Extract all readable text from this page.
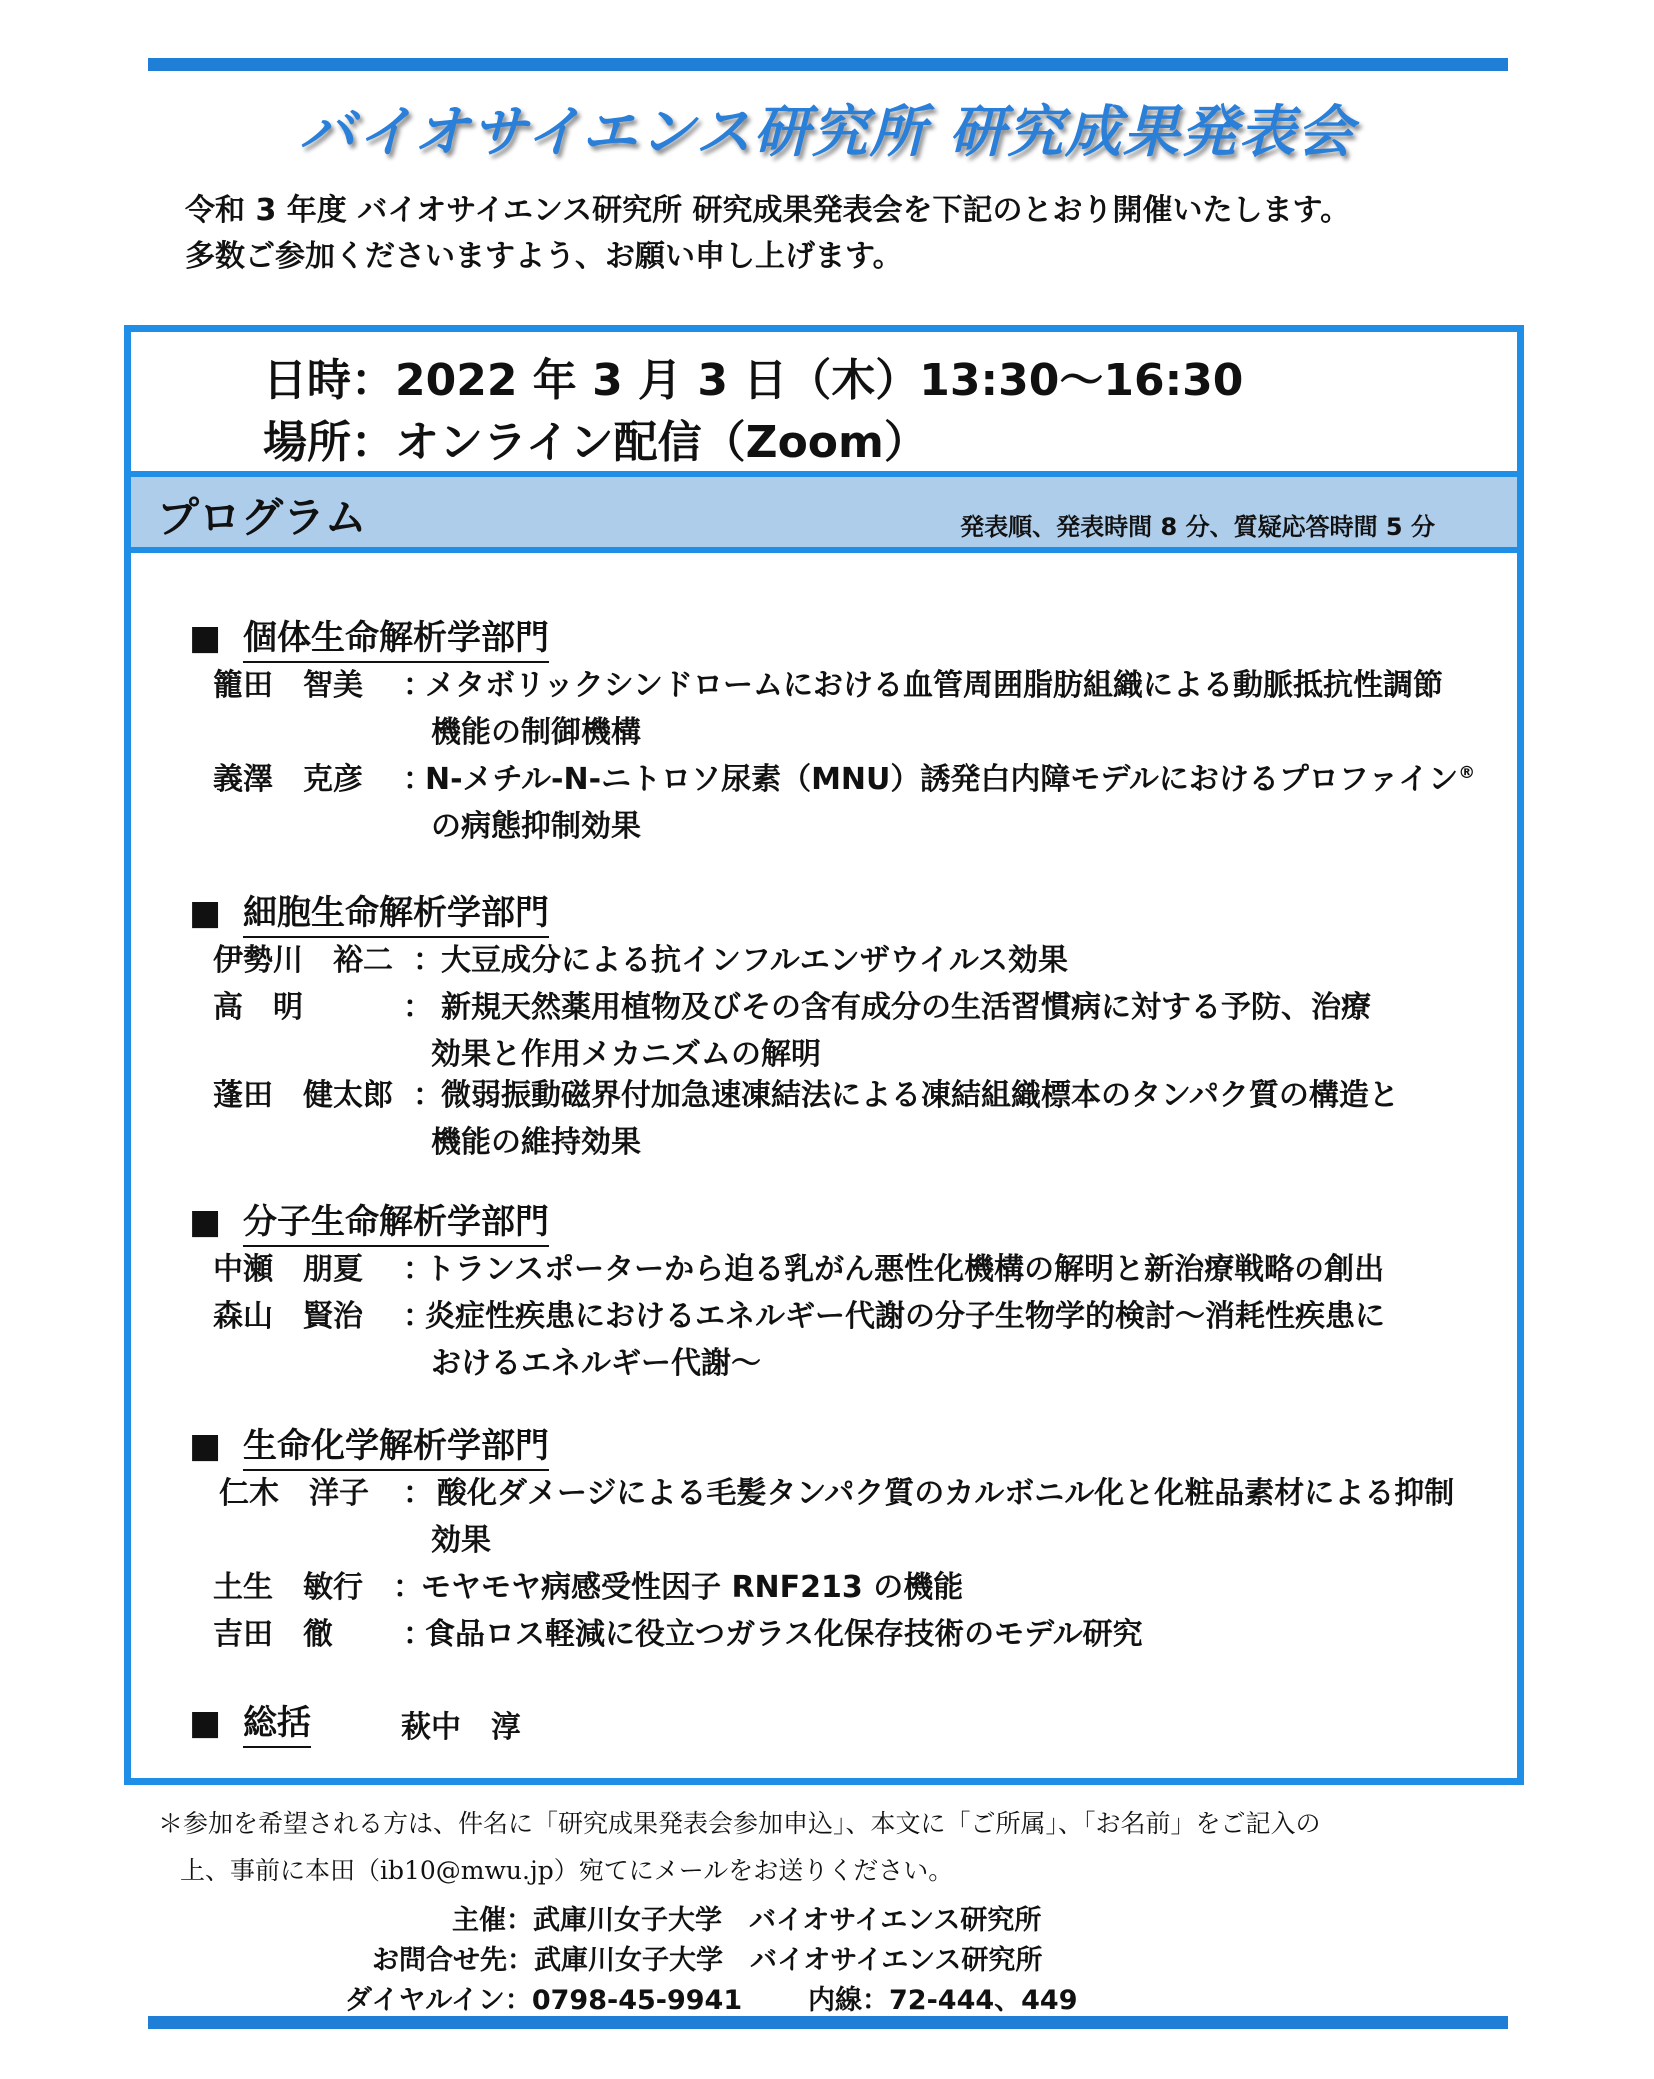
バイオサイエンス研究所 研究成果発表会
令和 3 年度 バイオサイエンス研究所 研究成果発表会を下記のとおり開催いたします。
多数ご参加くださいますよう、お願い申し上げます。
日時：2022 年 3 月 3 日（木）13:30～16:30
場所：オンライン配信（Zoom）
プログラム	発表順、発表時間 8 分、質疑応答時間 5 分
■ 個体生命解析学部門
籠田　智美 ：
メタボリックシンドロームにおける血管周囲脂肪組織による動脈抵抗性調節
機能の制御機構
義澤　克彦 ：
N-メチル-N-ニトロソ尿素（MNU）誘発白内障モデルにおけるプロファイン®
の病態抑制効果
■ 細胞生命解析学部門
伊勢川　裕二 ：
大豆成分による抗インフルエンザウイルス効果
高　明	： 新規天然薬用植物及びその含有成分の生活習慣病に対する予防、治療
効果と作用メカニズムの解明
蓬田　健太郎 ：
微弱振動磁界付加急速凍結法による凍結組織標本のタンパク質の構造と
機能の維持効果
■ 分子生命解析学部門
中瀬　朋夏 ：
トランスポーターから迫る乳がん悪性化機構の解明と新治療戦略の創出
森山　賢治 ：
炎症性疾患におけるエネルギー代謝の分子生物学的検討～消耗性疾患に
おけるエネルギー代謝～
■ 生命化学解析学部門
仁木　洋子 ： 酸化ダメージによる毛髪タンパク質のカルボニル化と化粧品素材による抑制
効果
土生　敏行 ：
モヤモヤ病感受性因子 RNF213 の機能
吉田　徹 ：
食品ロス軽減に役立つガラス化保存技術のモデル研究
■ 総括	萩中　淳
＊参加を希望される方は、件名に「研究成果発表会参加申込」、本文に「ご所属」、「お名前」をご記入の
上、事前に本田（ib10@mwu.jp）宛てにメールをお送りください。
主催：武庫川女子大学　バイオサイエンス研究所
お問合せ先：武庫川女子大学　バイオサイエンス研究所
ダイヤルイン：0798-45-9941 内線：72-444、449
